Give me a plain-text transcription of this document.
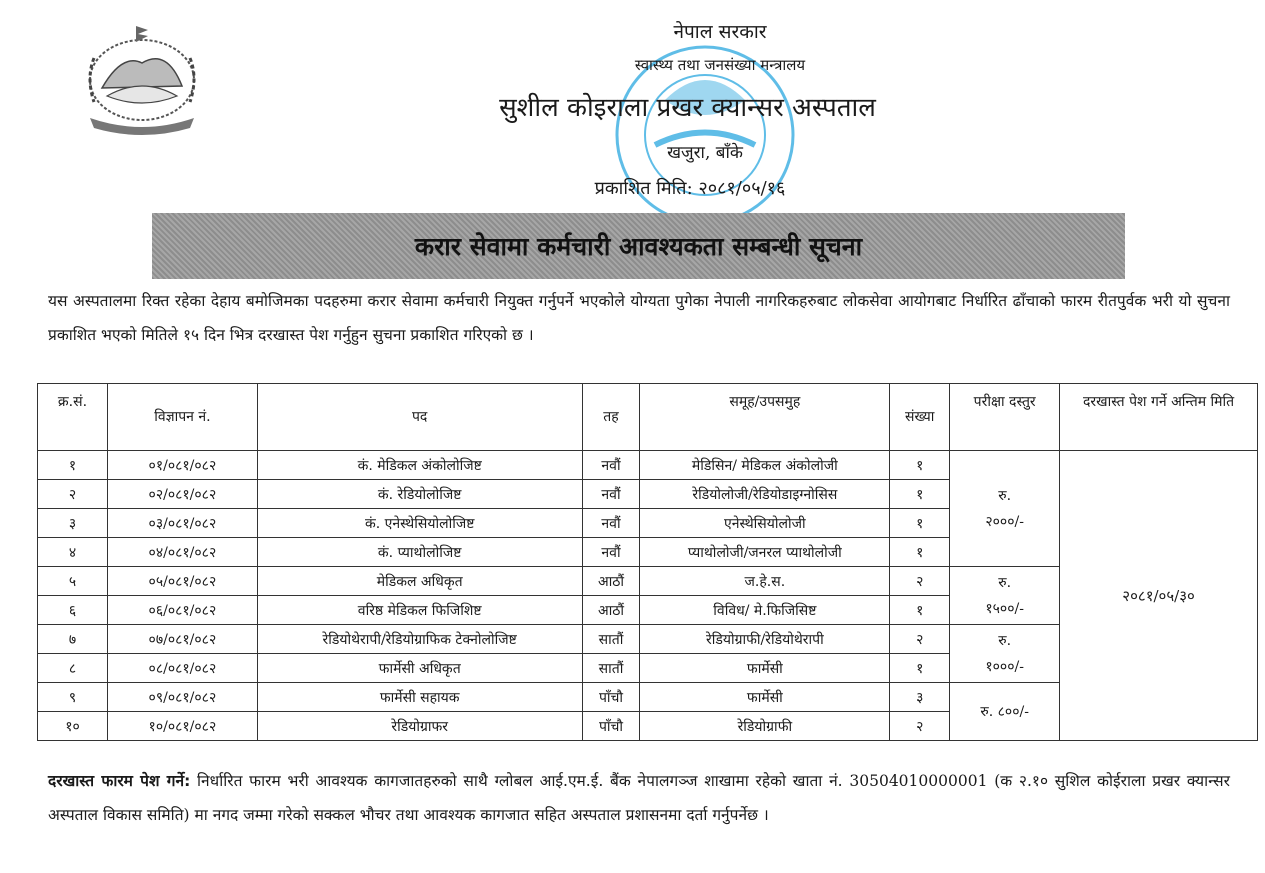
नेपाल सरकार
स्वास्थ्य तथा जनसंख्या मन्त्रालय
सुशील कोइराला प्रखर क्यान्सर अस्पताल
खजुरा, बाँके
प्रकाशित मिति: २०८१/०५/१६
करार सेवामा कर्मचारी आवश्यकता सम्बन्धी सूचना
यस अस्पतालमा रिक्त रहेका देहाय बमोजिमका पदहरुमा करार सेवामा कर्मचारी नियुक्त गर्नुपर्ने भएकोले योग्यता पुगेका नेपाली नागरिकहरुबाट लोकसेवा आयोगबाट निर्धारित ढाँचाको फारम रीतपुर्वक भरी यो सुचना प्रकाशित भएको मितिले १५ दिन भित्र दरखास्त पेश गर्नुहुन सुचना प्रकाशित गरिएको छ ।
क्र.सं.	विज्ञापन नं.	पद	तह	समूह/उपसमुह	संख्या	परीक्षा दस्तुर	दरखास्त पेश गर्ने अन्तिम मिति
१	०१/०८१/०८२	कं. मेडिकल अंकोलोजिष्ट	नवौं	मेडिसिन/ मेडिकल अंकोलोजी	१	रु.
२०००/-	२०८१/०५/३०
२	०२/०८१/०८२	कं. रेडियोलोजिष्ट	नवौं	रेडियोलोजी/रेडियोडाइग्नोसिस	१		
३	०३/०८१/०८२	कं. एनेस्थेसियोलोजिष्ट	नवौं	एनेस्थेसियोलोजी	१		
४	०४/०८१/०८२	कं. प्याथोलोजिष्ट	नवौं	प्याथोलोजी/जनरल प्याथोलोजी	१		
५	०५/०८१/०८२	मेडिकल अधिकृत	आठौं	ज.हे.स.	२	रु.
१५००/-	

६	०६/०८१/०८२	वरिष्ठ मेडिकल फिजिशिष्ट	आठौं	विविध/ मे.फिजिसिष्ट	१		
७	०७/०८१/०८२	रेडियोथेरापी/रेडियोग्राफिक टेक्नोलोजिष्ट	सातौं	रेडियोग्राफी/रेडियोथेरापी	२	रु.
१०००/-	

८	०८/०८१/०८२	फार्मेसी अधिकृत	सातौं	फार्मेसी	१		
९	०९/०८१/०८२	फार्मेसी सहायक	पाँचौ	फार्मेसी	३	रु. ८००/-	

१०	१०/०८१/०८२	रेडियोग्राफर	पाँचौ	रेडियोग्राफी	२		
दरखास्त फारम पेश गर्ने: निर्धारित फारम भरी आवश्यक कागजातहरुको साथै ग्लोबल आई.एम.ई. बैंक नेपालगञ्ज शाखामा रहेको खाता नं. 30504010000001 (क २.१० सुशिल कोईराला प्रखर क्यान्सर अस्पताल विकास समिति) मा नगद जम्मा गरेको सक्कल भौचर तथा आवश्यक कागजात सहित अस्पताल प्रशासनमा दर्ता गर्नुपर्नेछ ।
